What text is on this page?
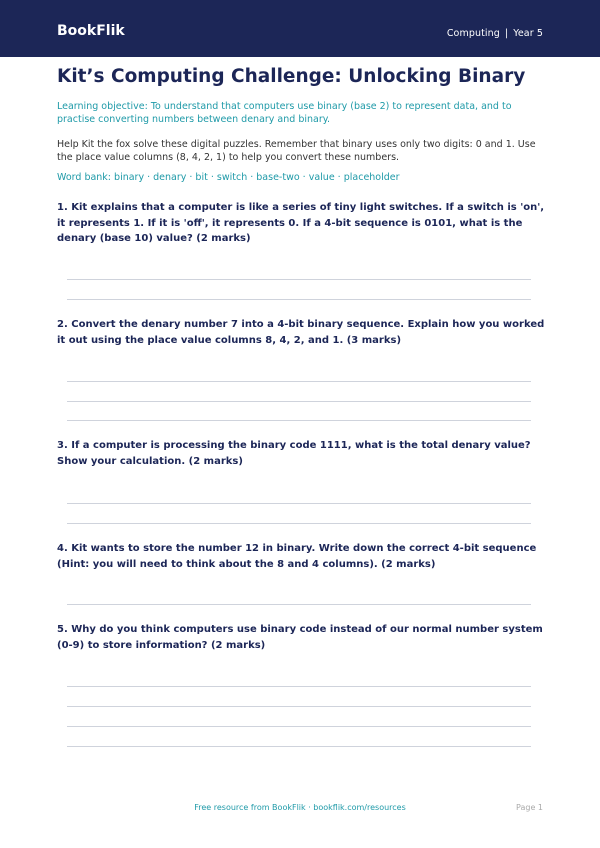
BookFlik	Computing | Year 5
Kit’s Computing Challenge: Unlocking Binary
Learning objective: To understand that computers use binary (base 2) to represent data, and to practise converting numbers between denary and binary.
Help Kit the fox solve these digital puzzles. Remember that binary uses only two digits: 0 and 1. Use the place value columns (8, 4, 2, 1) to help you convert these numbers.
Word bank: binary · denary · bit · switch · base-two · value · placeholder
1. Kit explains that a computer is like a series of tiny light switches. If a switch is 'on', it represents 1. If it is 'off', it represents 0. If a 4-bit sequence is 0101, what is the denary (base 10) value? (2 marks)
2. Convert the denary number 7 into a 4-bit binary sequence. Explain how you worked it out using the place value columns 8, 4, 2, and 1. (3 marks)
3. If a computer is processing the binary code 1111, what is the total denary value? Show your calculation. (2 marks)
4. Kit wants to store the number 12 in binary. Write down the correct 4-bit sequence (Hint: you will need to think about the 8 and 4 columns). (2 marks)
5. Why do you think computers use binary code instead of our normal number system (0-9) to store information? (2 marks)
Free resource from BookFlik · bookflik.com/resources	Page 1
